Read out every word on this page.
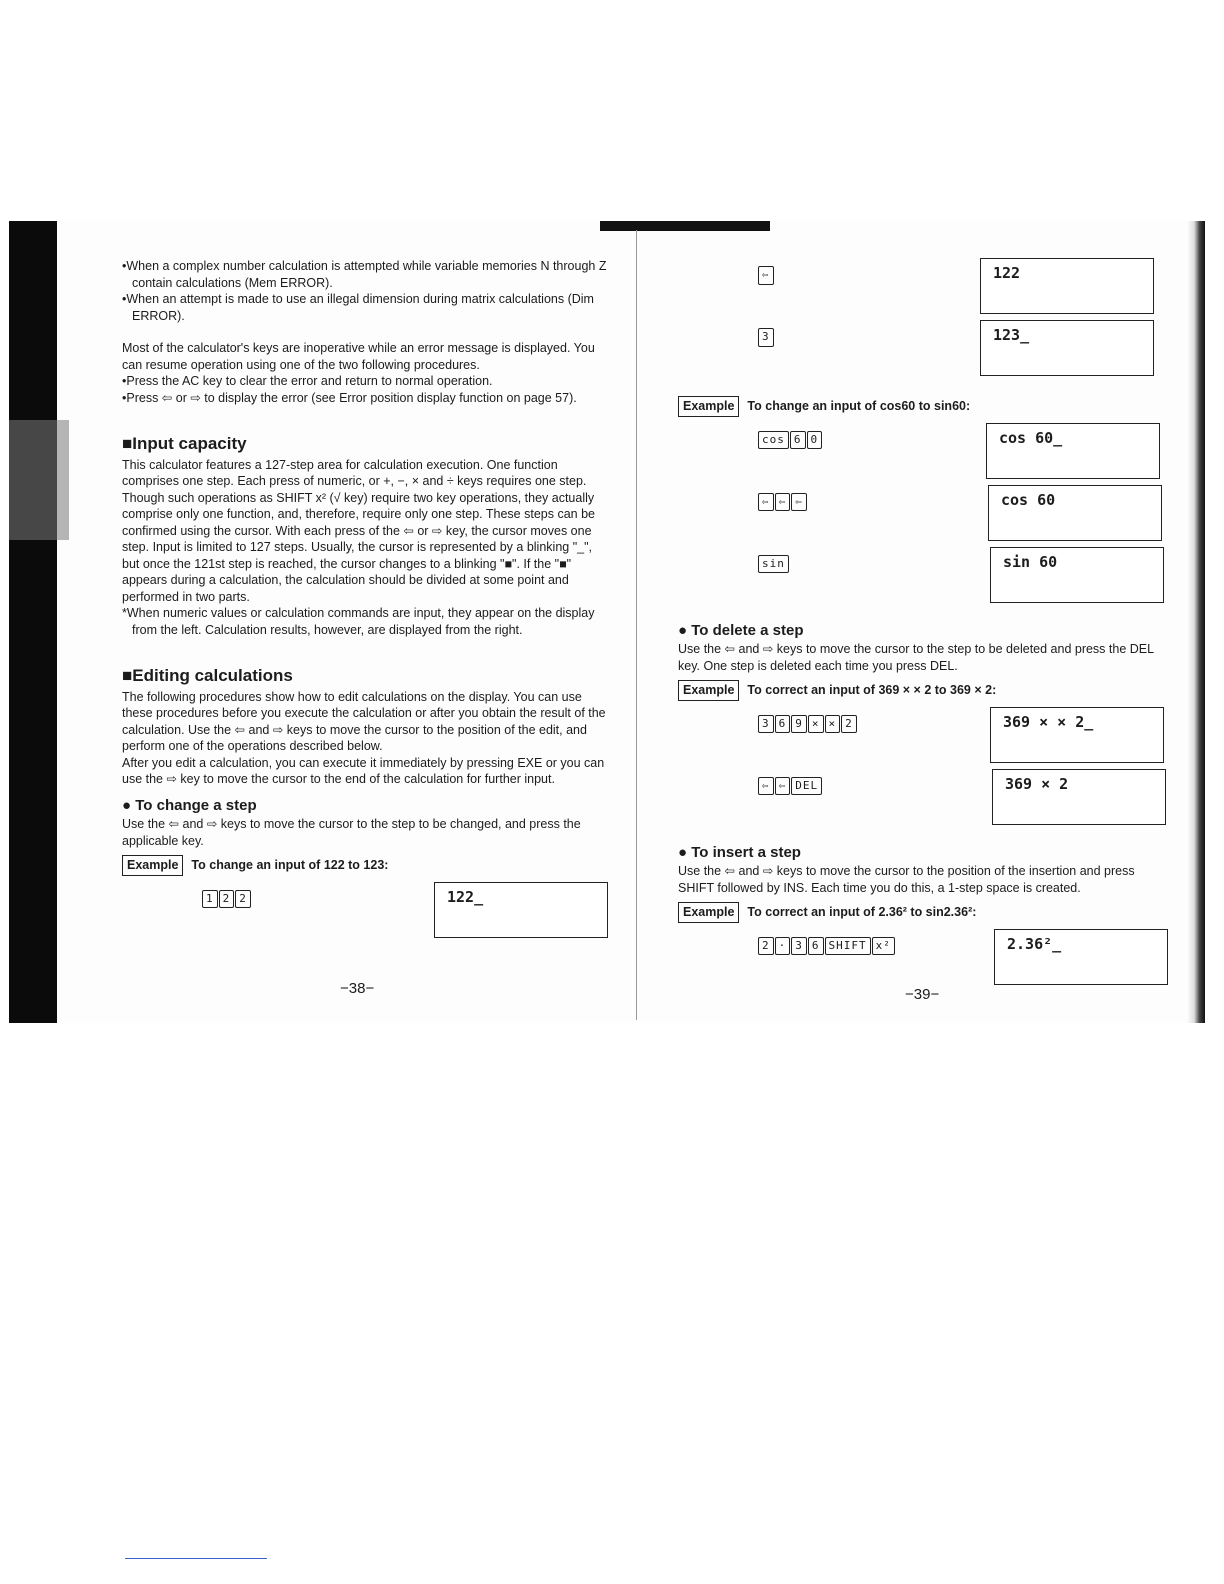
•When a complex number calculation is attempted while variable memories N through Z contain calculations (Mem ERROR).

•When an attempt is made to use an illegal dimension during matrix calculations (Dim ERROR).

Most of the calculator's keys are inoperative while an error message is displayed. You can resume operation using one of the two following procedures.

•Press the AC key to clear the error and return to normal operation.

•Press ⇦ or ⇨ to display the error (see Error position display function on page 57).

■Input capacity

This calculator features a 127-step area for calculation execution. One function comprises one step. Each press of numeric, or +, −, × and ÷ keys requires one step. Though such operations as SHIFT x² (√ key) require two key operations, they actually comprise only one function, and, therefore, require only one step. These steps can be confirmed using the cursor. With each press of the ⇦ or ⇨ key, the cursor moves one step. Input is limited to 127 steps. Usually, the cursor is represented by a blinking "_", but once the 121st step is reached, the cursor changes to a blinking "■". If the "■" appears during a calculation, the calculation should be divided at some point and performed in two parts.

*When numeric values or calculation commands are input, they appear on the display from the left. Calculation results, however, are displayed from the right.

■Editing calculations

The following procedures show how to edit calculations on the display. You can use these procedures before you execute the calculation or after you obtain the result of the calculation. Use the ⇦ and ⇨ keys to move the cursor to the position of the edit, and perform one of the operations described below.

After you edit a calculation, you can execute it immediately by pressing EXE or you can use the ⇨ key to move the cursor to the end of the calculation for further input.

● To change a step

Use the ⇦ and ⇨ keys to move the cursor to the step to be changed, and press the applicable key.

Example	To change an input of 122 to 123:
1 2 2	122_
−38−
⇦	122
3	123_
Example	To change an input of cos60 to sin60:
cos 6 0	cos 60_
⇦ ⇦ ⇦	cos 60
sin	sin 60
● To delete a step

Use the ⇦ and ⇨ keys to move the cursor to the step to be deleted and press the DEL key. One step is deleted each time you press DEL.

Example	To correct an input of 369 × × 2 to 369 × 2:
3 6 9 × × 2	369 × × 2_
⇦ ⇦ DEL	369 × 2
● To insert a step

Use the ⇦ and ⇨ keys to move the cursor to the position of the insertion and press SHIFT followed by INS. Each time you do this, a 1-step space is created.

Example	To correct an input of 2.36² to sin2.36²:
2 · 3 6 SHIFT x²	2.36²_
−39−
